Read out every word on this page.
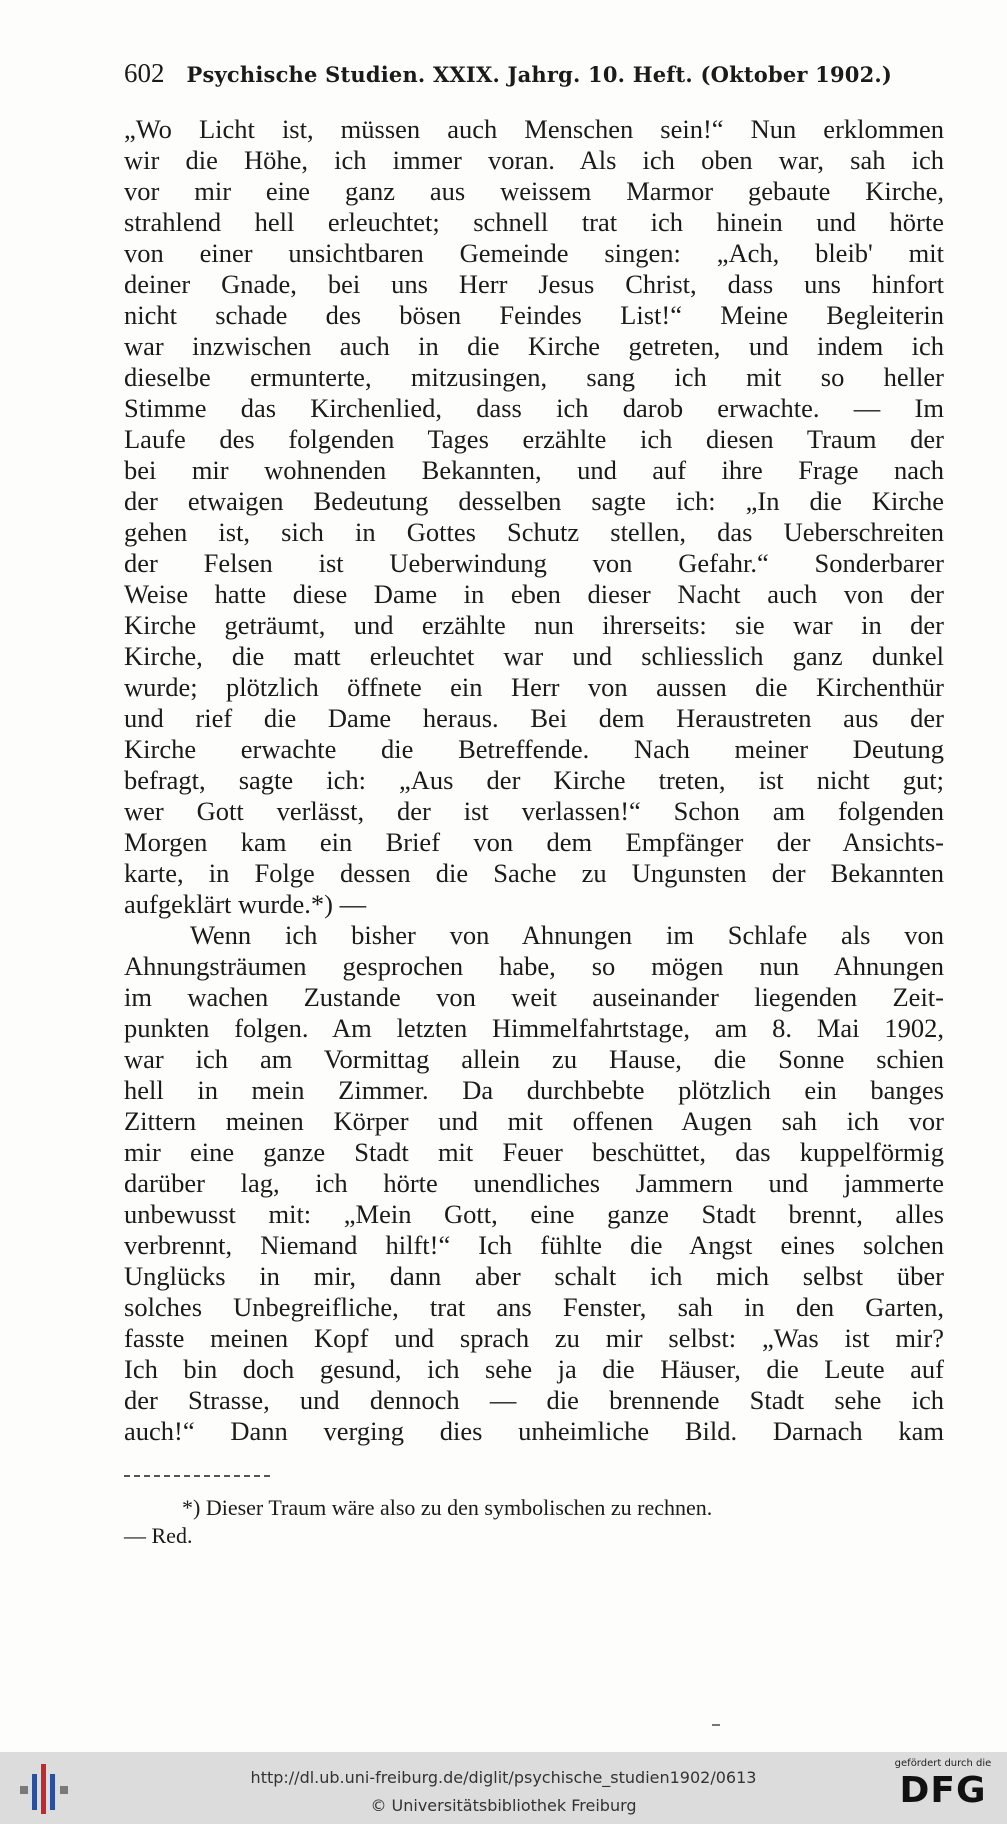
602 Psychische Studien. XXIX. Jahrg. 10. Heft. (Oktober 1902.)
„Wo Licht ist, müssen auch Menschen sein!“ Nun erklommen
wir die Höhe, ich immer voran. Als ich oben war, sah ich
vor mir eine ganz aus weissem Marmor gebaute Kirche,
strahlend hell erleuchtet; schnell trat ich hinein und hörte
von einer unsichtbaren Gemeinde singen: „Ach, bleib' mit
deiner Gnade, bei uns Herr Jesus Christ, dass uns hinfort
nicht schade des bösen Feindes List!“ Meine Begleiterin
war inzwischen auch in die Kirche getreten, und indem ich
dieselbe ermunterte, mitzusingen, sang ich mit so heller
Stimme das Kirchenlied, dass ich darob erwachte. — Im
Laufe des folgenden Tages erzählte ich diesen Traum der
bei mir wohnenden Bekannten, und auf ihre Frage nach
der etwaigen Bedeutung desselben sagte ich: „In die Kirche
gehen ist, sich in Gottes Schutz stellen, das Ueberschreiten
der Felsen ist Ueberwindung von Gefahr.“ Sonderbarer
Weise hatte diese Dame in eben dieser Nacht auch von der
Kirche geträumt, und erzählte nun ihrerseits: sie war in der
Kirche, die matt erleuchtet war und schliesslich ganz dunkel
wurde; plötzlich öffnete ein Herr von aussen die Kirchenthür
und rief die Dame heraus. Bei dem Heraustreten aus der
Kirche erwachte die Betreffende. Nach meiner Deutung
befragt, sagte ich: „Aus der Kirche treten, ist nicht gut;
wer Gott verlässt, der ist verlassen!“ Schon am folgenden
Morgen kam ein Brief von dem Empfänger der Ansichts-
karte, in Folge dessen die Sache zu Ungunsten der Bekannten
aufgeklärt wurde.*) —
Wenn ich bisher von Ahnungen im Schlafe als von
Ahnungsträumen gesprochen habe, so mögen nun Ahnungen
im wachen Zustande von weit auseinander liegenden Zeit-
punkten folgen. Am letzten Himmelfahrtstage, am 8. Mai 1902,
war ich am Vormittag allein zu Hause, die Sonne schien
hell in mein Zimmer. Da durchbebte plötzlich ein banges
Zittern meinen Körper und mit offenen Augen sah ich vor
mir eine ganze Stadt mit Feuer beschüttet, das kuppelförmig
darüber lag, ich hörte unendliches Jammern und jammerte
unbewusst mit: „Mein Gott, eine ganze Stadt brennt, alles
verbrennt, Niemand hilft!“ Ich fühlte die Angst eines solchen
Unglücks in mir, dann aber schalt ich mich selbst über
solches Unbegreifliche, trat ans Fenster, sah in den Garten,
fasste meinen Kopf und sprach zu mir selbst: „Was ist mir?
Ich bin doch gesund, ich sehe ja die Häuser, die Leute auf
der Strasse, und dennoch — die brennende Stadt sehe ich
auch!“ Dann verging dies unheimliche Bild. Darnach kam
*) Dieser Traum wäre also zu den symbolischen zu rechnen.
— Red.
http://dl.ub.uni-freiburg.de/diglit/psychische_studien1902/0613
© Universitätsbibliothek Freiburg
gefördert durch die
DFG
